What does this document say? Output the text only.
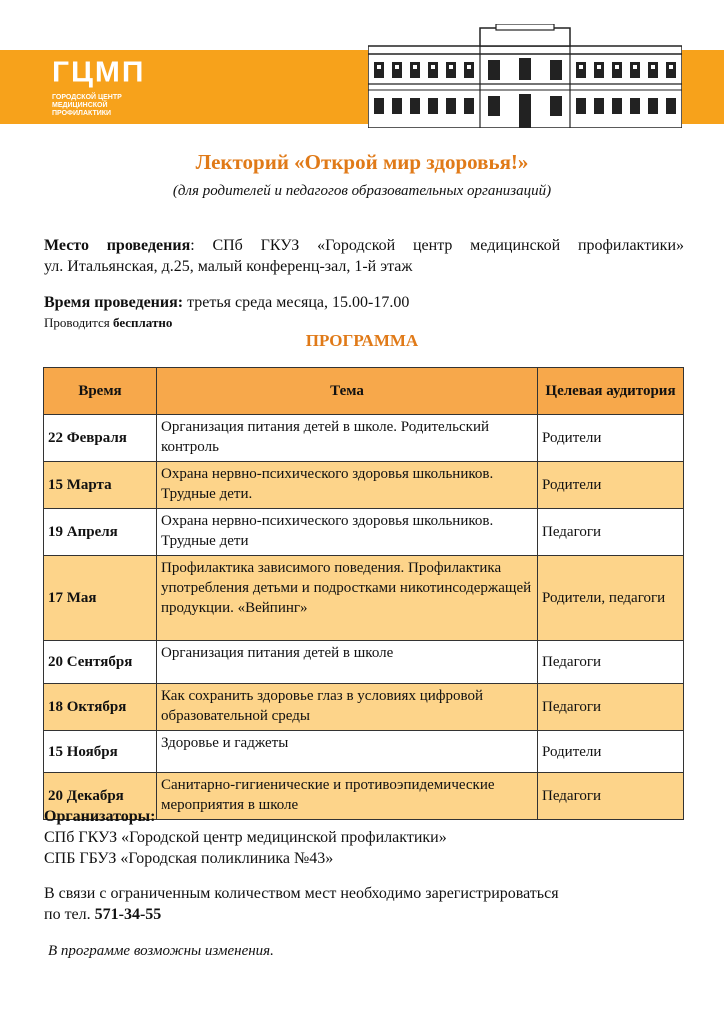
ГЦМП
ГОРОДСКОЙ ЦЕНТР
МЕДИЦИНСКОЙ
ПРОФИЛАКТИКИ
Лекторий «Открой мир здоровья!»
(для родителей и педагогов образовательных организаций)
Место проведения: СПб ГКУЗ «Городской центр медицинской профилактики»
ул. Итальянская, д.25, малый конференц-зал, 1-й этаж
Время проведения: третья среда месяца, 15.00-17.00
Проводится бесплатно
ПРОГРАММА
Время	Тема	Целевая аудитория
22 Февраля	Организация питания детей в школе. Родительский контроль	Родители
15 Марта	Охрана нервно-психического здоровья школьников. Трудные дети.	Родители
19 Апреля	Охрана нервно-психического здоровья школьников. Трудные дети	Педагоги
17 Мая	Профилактика зависимого поведения. Профилактика употребления детьми и подростками никотинсодержащей продукции. «Вейпинг»	Родители, педагоги
20 Сентября	Организация питания детей в школе	Педагоги
18 Октября	Как сохранить здоровье глаз в условиях цифровой образовательной среды	Педагоги
15 Ноября	Здоровье и гаджеты	Родители
20 Декабря	Санитарно-гигиенические и противоэпидемические мероприятия в школе	Педагоги
Организаторы:
СПб ГКУЗ «Городской центр медицинской профилактики»
СПБ ГБУЗ «Городская поликлиника №43»
В связи с ограниченным количеством мест необходимо зарегистрироваться
по тел. 571-34-55
В программе возможны изменения.
